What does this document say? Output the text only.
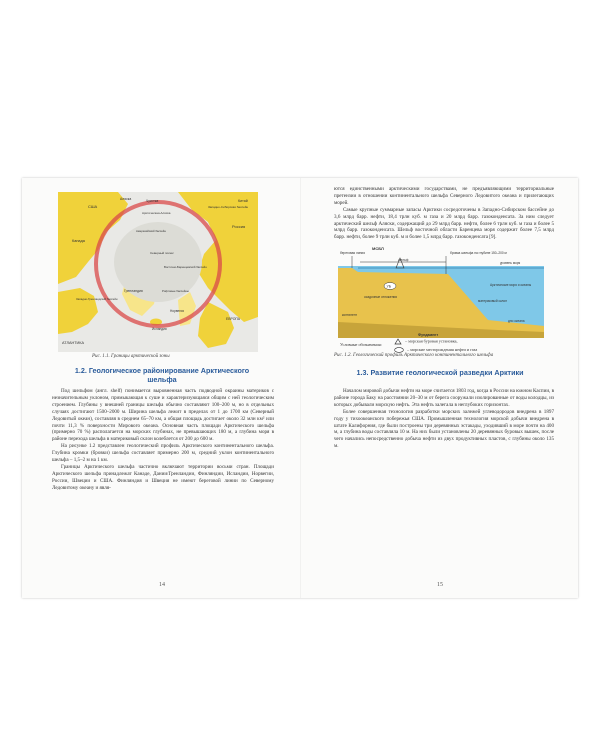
США
Аляска	Чукотка
Арктическая-Аляска
Россия
Западно-Сибирская бассейн
Китай
Канада
Гренландия
АТЛАНТИКА
ЕВРОПА
Исландия
Норвегия
Северный полюс
Восточно-Баренцевский бассейн
Рифтовые бассейны
Западно-Гренландский бассейн
Амеразийский бассейн
Рис. 1.1. Границы арктической зоны
1.2. Геологическое районирование Арктического шельфа

Под шельфом (англ. shelf) понимается выровненная часть подводной окраины материков с незначительным уклоном, примыкающая к суше и характеризующаяся общим с ней геологическим строением. Глубины у внешней границы шельфа обычно составляют 100–200 м, но в отдельных случаях достигают 1500–2000 м. Ширина шельфа лежит в пределах от 1 до 1700 км (Северный Ледовитый океан), составляя в среднем 65–70 км, а общая площадь достигает около 32 млн км² или почти 11,3 % поверхности Мирового океана. Основная часть площади Арктического шельфа (примерно 70 %) располагается на морских глубинах, не превышающих 180 м, а глубина моря в районе перехода шельфа в материковый склон колеблется от 200 до 600 м.

На рисунке 1.2 представлен геологический профиль Арктического континентального шельфа. Глубина кромки (бровки) шельфа составляет примерно 200 м, средний уклон континентального шельфа – 1,5–2 м на 1 км.

Границы Арктического шельфа частично включают территории восьми стран. Площади Арктического шельфа принадлежат Канаде, Дании/Гренландии, Финляндии, Исландии, Норвегии, России, Швеции и США. Финляндия и Швеция не имеют береговой линии по Северному Ледовитому океану и явля-

14

ются единственными арктическими государствами, не предъявляющими территориальные претензии в отношении континентального шельфа Северного Ледовитого океана и прилегающих морей.

Самые крупные суммарные запасы Арктики сосредоточены в Западно-Сибирском бассейне до 3,6 млрд барр. нефти, 18,4 трлн куб. м газа и 20 млрд барр. газоконденсата. За ним следует арктический шельф Аляски, содержащий до 29 млрд барр. нефти, более 6 трлн куб. м газа и более 5 млрд барр. газоконденсата. Шельф восточной области Баренцева моря содержит более 7,5 млрд барр. нефти, более 9 трлн куб. м и более 1,5 млрд барр. газоконденсата [9].

УБ
МСБЛ
береговая линия
шельф
бровка шельфа на глубине 150–200 м
уровень моря
Арктические моря и океаны
материковый склон
осадочные отложения
континент
дно океана
Фундамент
Условные обозначения:
– морская буровая установка,
– морские месторождения нефти и газа
Рис. 1.2. Геологический профиль Арктического континентального шельфа
1.3. Развитие геологической разведки Арктики

Началом мировой добычи нефти на море считается 1803 год, когда в России на южном Каспии, в районе города Баку на расстоянии 20–30 м от берега сооружали изолированные от воды колодцы, из которых добывали морскую нефть. Эта нефть залегала в неглубоких горизонтах.

Более совершенная технология разработки морских залежей углеводородов внедрена в 1897 году у тихоокеанского побережья США. Промышленная технология морской добычи внедрена в штате Калифорния, где были построены три деревянных эстакады, уходивший в море почти на 400 м, а глубина воды составляла 10 м. На них были установлены 20 деревянных буровых вышек, после чего начались непосредственно добыча нефти из двух продуктивных пластов, с глубины около 135 м.

15
